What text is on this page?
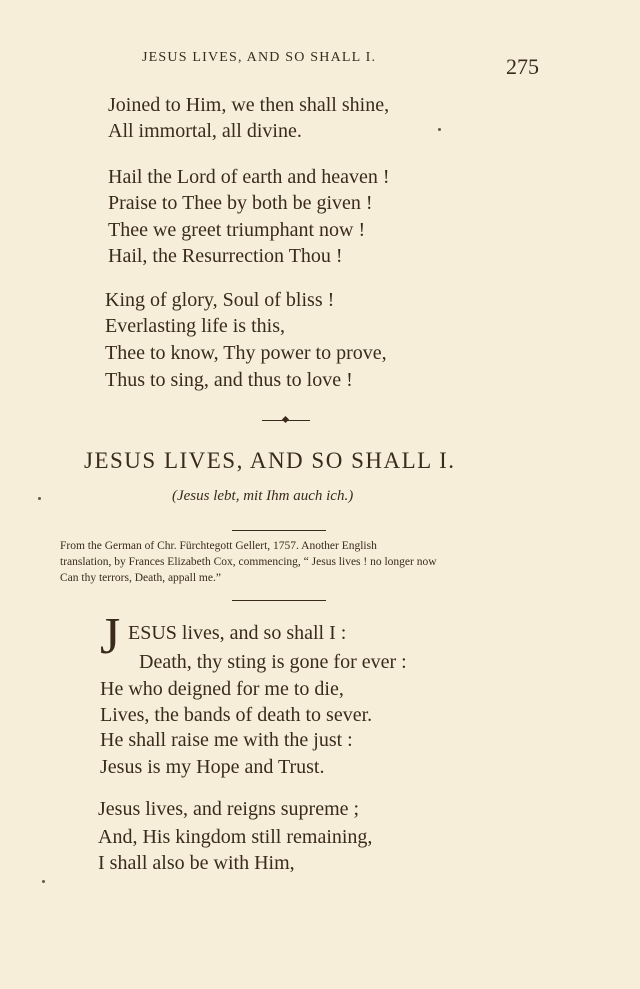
JESUS LIVES, AND SO SHALL I.	275
Joined to Him, we then shall shine,
All immortal, all divine.
Hail the Lord of earth and heaven !
Praise to Thee by both be given !
Thee we greet triumphant now !
Hail, the Resurrection Thou !
King of glory, Soul of bliss !
Everlasting life is this,
Thee to know, Thy power to prove,
Thus to sing, and thus to love !
JESUS LIVES, AND SO SHALL I.
(Jesus lebt, mit Ihm auch ich.)
From the German of Chr. Fürchtegott Gellert, 1757. Another English
translation, by Frances Elizabeth Cox, commencing, “ Jesus lives ! no longer now
Can thy terrors, Death, appall me.”
J ESUS lives, and so shall I :
Death, thy sting is gone for ever :
He who deigned for me to die,
Lives, the bands of death to sever.
He shall raise me with the just :
Jesus is my Hope and Trust.
Jesus lives, and reigns supreme ;
And, His kingdom still remaining,
I shall also be with Him,
